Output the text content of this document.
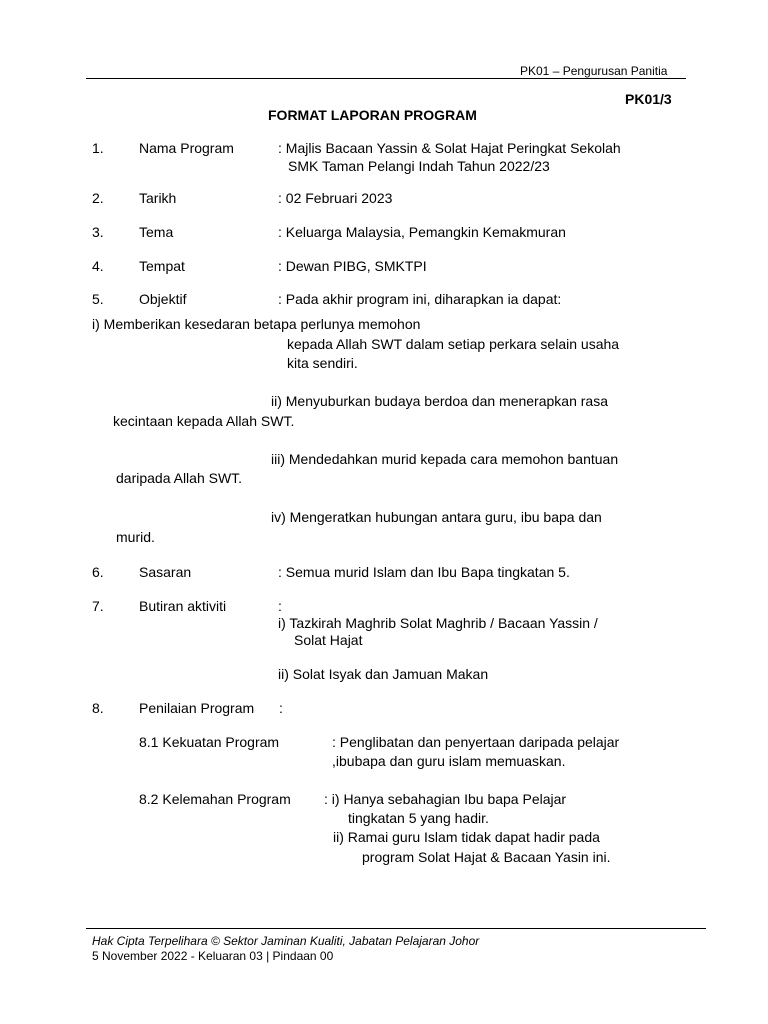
PK01 – Pengurusan Panitia
PK01/3
FORMAT LAPORAN PROGRAM
1.	Nama Program	: Majlis Bacaan Yassin & Solat Hajat Peringkat Sekolah
SMK Taman Pelangi Indah Tahun 2022/23
2.	Tarikh	: 02 Februari 2023
3.	Tema	: Keluarga Malaysia, Pemangkin Kemakmuran
4.	Tempat	: Dewan PIBG, SMKTPI
5.	Objektif	: Pada akhir program ini, diharapkan ia dapat:
i) Memberikan kesedaran betapa perlunya memohon
kepada Allah SWT dalam setiap perkara selain usaha
kita sendiri.
ii) Menyuburkan budaya berdoa dan menerapkan rasa
kecintaan kepada Allah SWT.
iii) Mendedahkan murid kepada cara memohon bantuan
daripada Allah SWT.
iv) Mengeratkan hubungan antara guru, ibu bapa dan
murid.
6.	Sasaran	: Semua murid Islam dan Ibu Bapa tingkatan 5.
7.	Butiran aktiviti	:
i) Tazkirah Maghrib Solat Maghrib / Bacaan Yassin /
Solat Hajat
ii) Solat Isyak dan Jamuan Makan
8.	Penilaian Program :
8.1 Kekuatan Program	: Penglibatan dan penyertaan daripada pelajar
,ibubapa dan guru islam memuaskan.
8.2 Kelemahan Program : i) Hanya sebahagian Ibu bapa Pelajar
tingkatan 5 yang hadir.
ii) Ramai guru Islam tidak dapat hadir pada
program Solat Hajat & Bacaan Yasin ini.
Hak Cipta Terpelihara © Sektor Jaminan Kualiti, Jabatan Pelajaran Johor
5 November 2022 - Keluaran 03 | Pindaan 00
